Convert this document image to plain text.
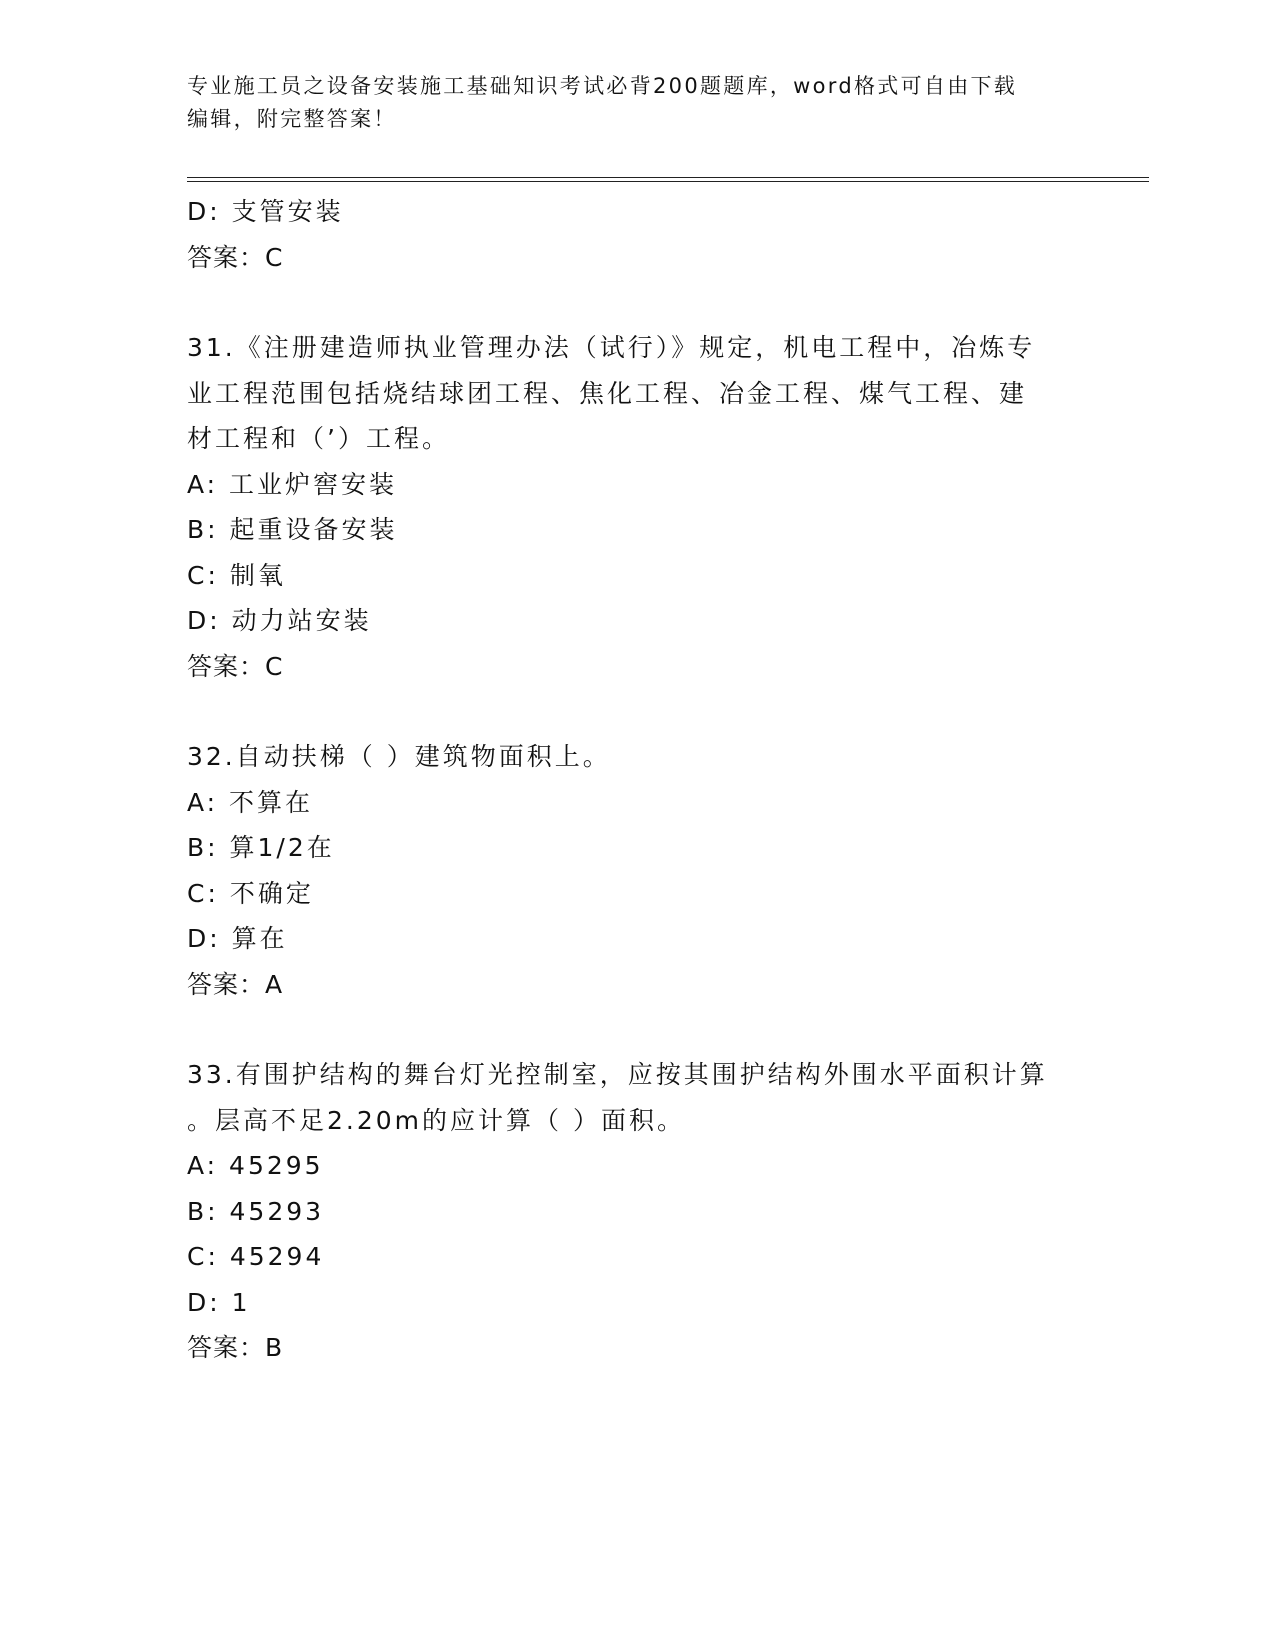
专业施工员之设备安装施工基础知识考试必背200题题库，word格式可自由下载
编辑，附完整答案！

D: 支管安装

答案：C

31.《注册建造师执业管理办法（试行）》规定，机电工程中，冶炼专

业工程范围包括烧结球团工程、焦化工程、冶金工程、煤气工程、建

材工程和（’）工程。

A: 工业炉窖安装

B: 起重设备安装

C: 制氧

D: 动力站安装

答案：C

32.自动扶梯（ ）建筑物面积上。

A: 不算在

B: 算1/2在

C: 不确定

D: 算在

答案：A

33.有围护结构的舞台灯光控制室，应按其围护结构外围水平面积计算

。层高不足2.20m的应计算（ ）面积。

A: 45295

B: 45293

C: 45294

D: 1

答案：B
